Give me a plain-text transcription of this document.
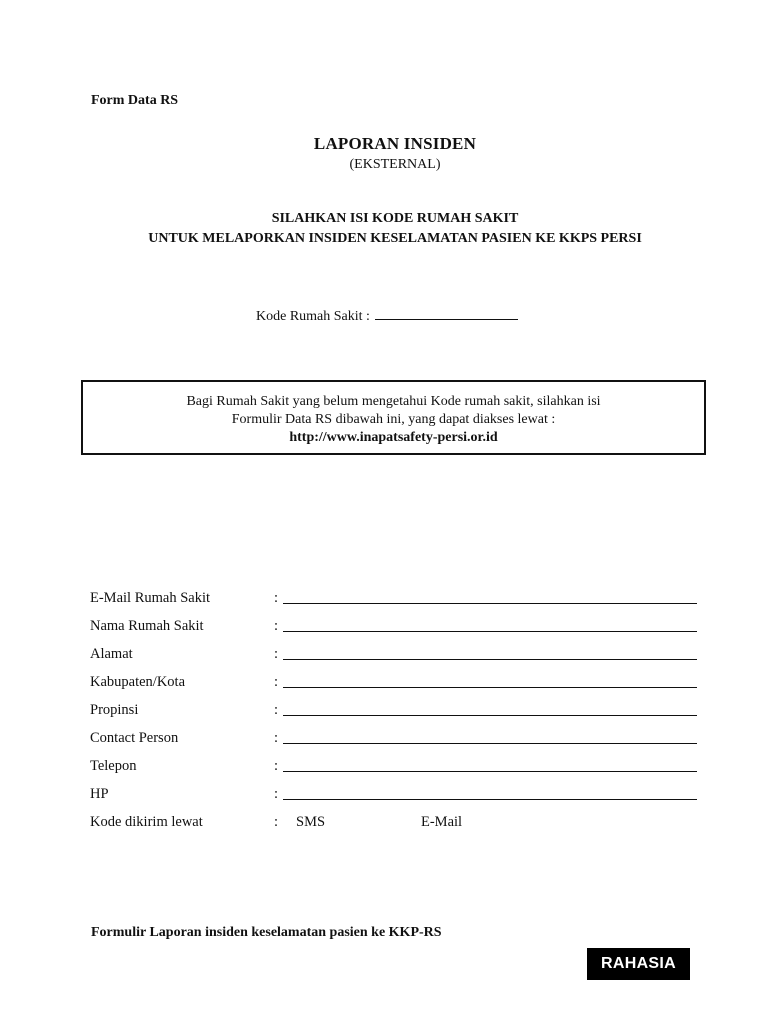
Form Data RS
LAPORAN INSIDEN
(EKSTERNAL)
SILAHKAN ISI KODE RUMAH SAKIT
UNTUK MELAPORKAN INSIDEN KESELAMATAN PASIEN KE KKPS PERSI
Kode Rumah Sakit :
Bagi Rumah Sakit yang belum mengetahui Kode rumah sakit, silahkan isi
Formulir Data RS dibawah ini, yang dapat diakses lewat :
http://www.inapatsafety-persi.or.id
E-Mail Rumah Sakit	:
Nama Rumah Sakit	:
Alamat	:
Kabupaten/Kota	:
Propinsi	:
Contact Person	:
Telepon	:
HP	:
Kode dikirim lewat	: SMS	E-Mail
Formulir Laporan insiden keselamatan pasien ke KKP-RS
RAHASIA
